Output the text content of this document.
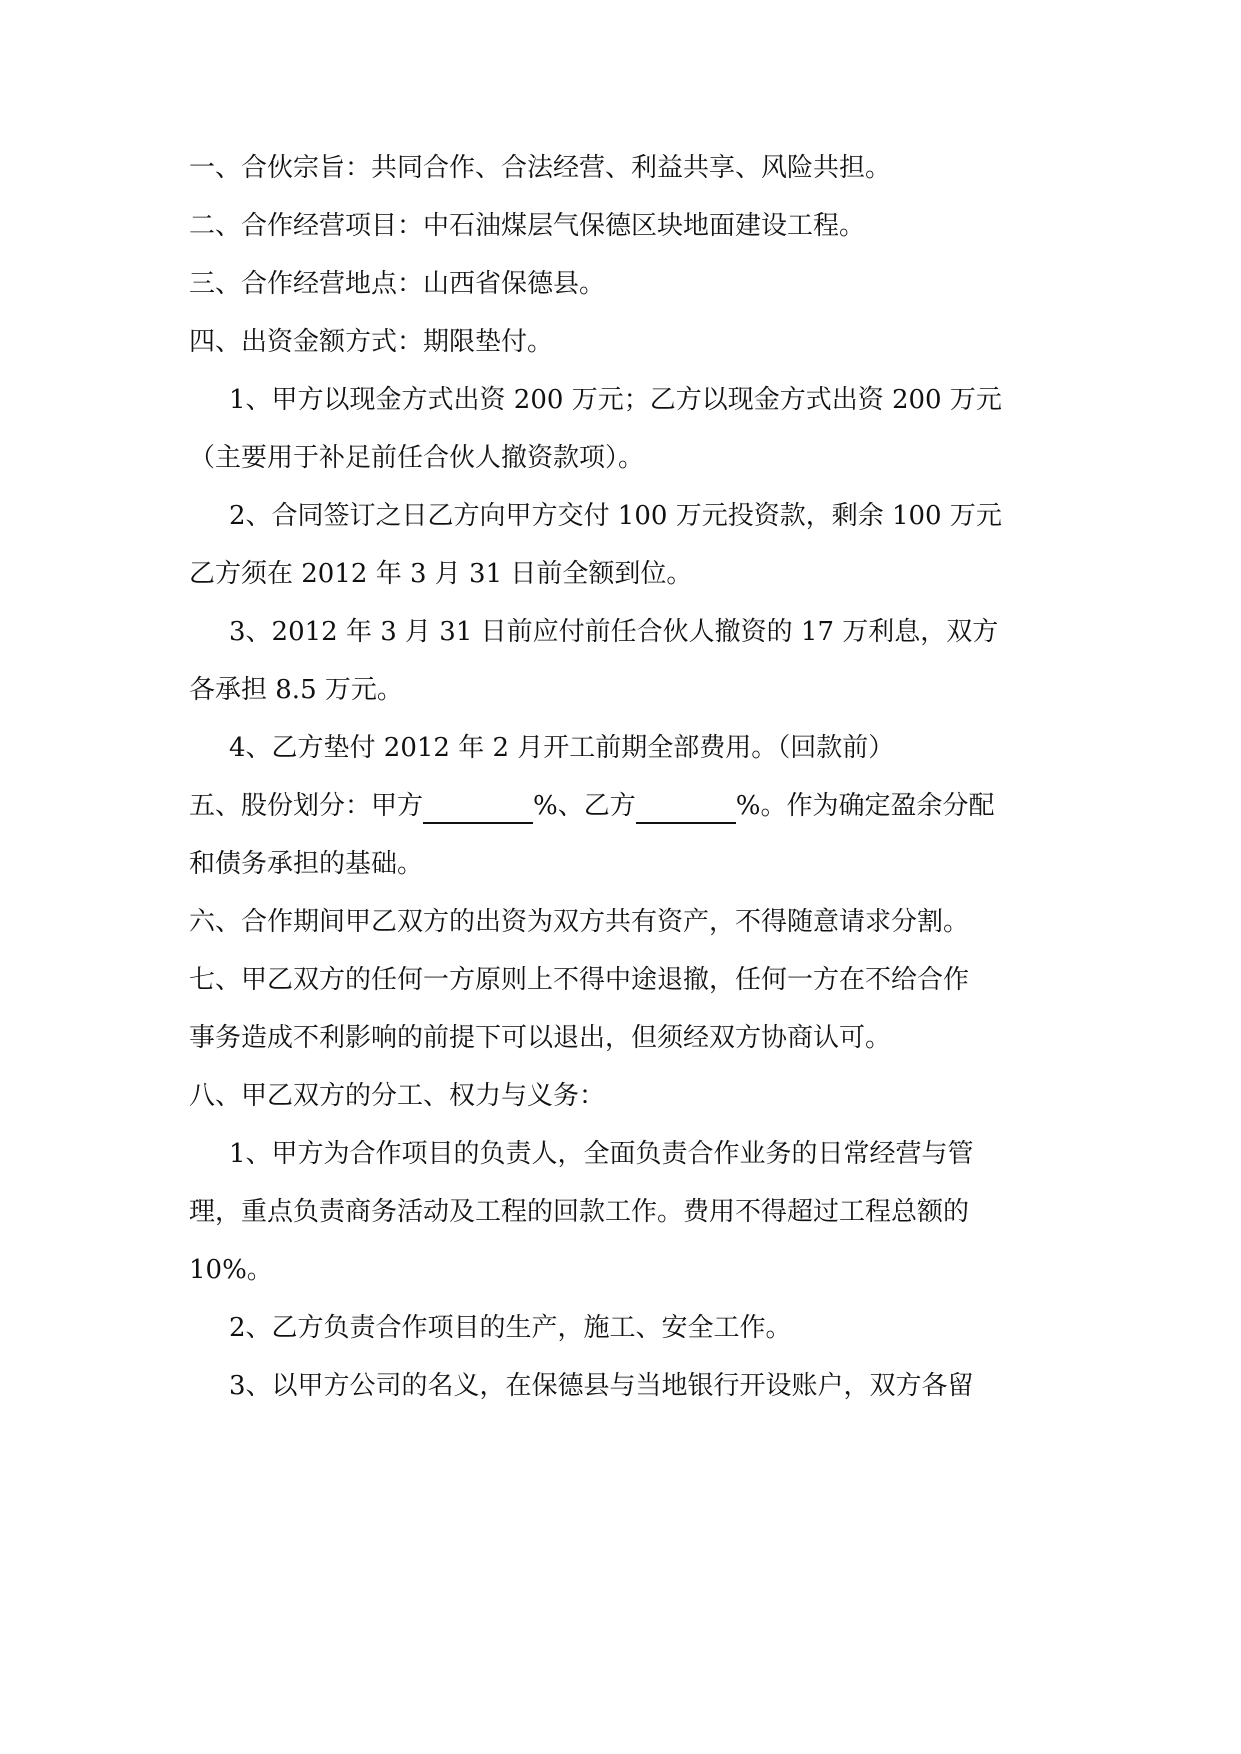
一、合伙宗旨：共同合作、合法经营、利益共享、风险共担。
二、合作经营项目：中石油煤层气保德区块地面建设工程。
三、合作经营地点：山西省保德县。
四、出资金额方式：期限垫付。
1、甲方以现金方式出资 200 万元；乙方以现金方式出资 200 万元
（主要用于补足前任合伙人撤资款项）。
2、合同签订之日乙方向甲方交付 100 万元投资款，剩余 100 万元
乙方须在 2012 年 3 月 31 日前全额到位。
3、2012 年 3 月 31 日前应付前任合伙人撤资的 17 万利息，双方
各承担 8.5 万元。
4、乙方垫付 2012 年 2 月开工前期全部费用。（回款前）
五、股份划分：甲方	%、乙方	%。作为确定盈余分配
和债务承担的基础。
六、合作期间甲乙双方的出资为双方共有资产，不得随意请求分割。
七、甲乙双方的任何一方原则上不得中途退撤，任何一方在不给合作
事务造成不利影响的前提下可以退出，但须经双方协商认可。
八、甲乙双方的分工、权力与义务：
1、甲方为合作项目的负责人，全面负责合作业务的日常经营与管
理，重点负责商务活动及工程的回款工作。费用不得超过工程总额的
10%。
2、乙方负责合作项目的生产，施工、安全工作。
3、以甲方公司的名义，在保德县与当地银行开设账户，双方各留
